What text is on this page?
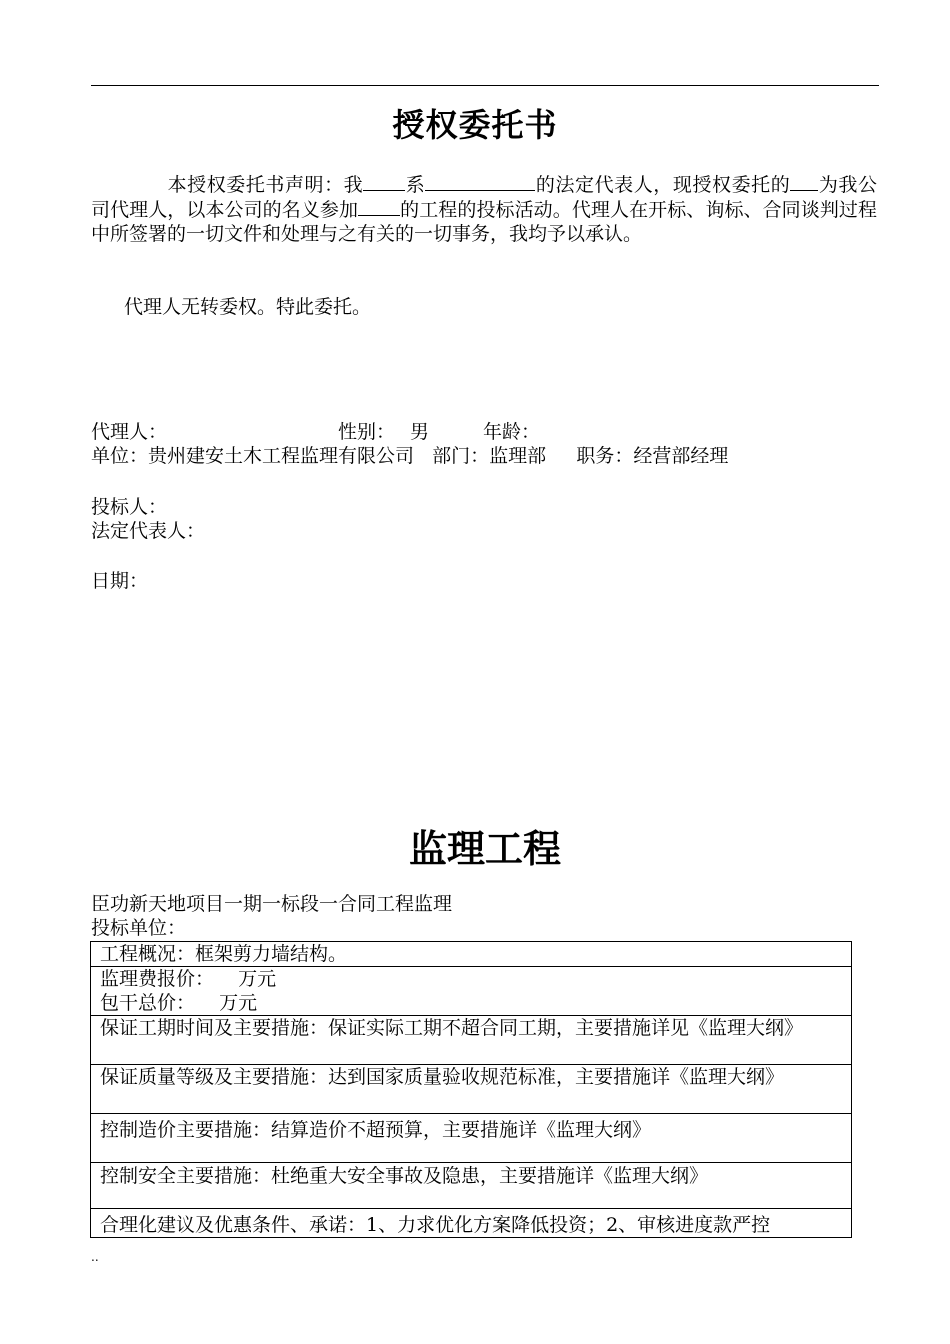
授权委托书
本授权委托书声明：我 系	的法定代表人，现授权委托的 为我公司代理人，以本公司的名义参加 的工程的投标活动。代理人在开标、询标、合同谈判过程中所签署的一切文件和处理与之有关的一切事务，我均予以承认。
代理人无转委权。特此委托。
代理人：	性别： 男	年龄：
单位：贵州建安土木工程监理有限公司   部门：监理部     职务：经营部经理
投标人：
法定代表人：
日期：
监理工程
臣功新天地项目一期一标段一合同工程监理
投标单位：
工程概况：框架剪力墙结构。

监理费报价：    万元
包干总价：    万元

保证工期时间及主要措施：保证实际工期不超合同工期，主要措施详见《监理大纲》
保证质量等级及主要措施：达到国家质量验收规范标准，主要措施详《监理大纲》
控制造价主要措施：结算造价不超预算，主要措施详《监理大纲》
控制安全主要措施：杜绝重大安全事故及隐患，主要措施详《监理大纲》
合理化建议及优惠条件、承诺：1、力求优化方案降低投资；2、审核进度款严控
..
